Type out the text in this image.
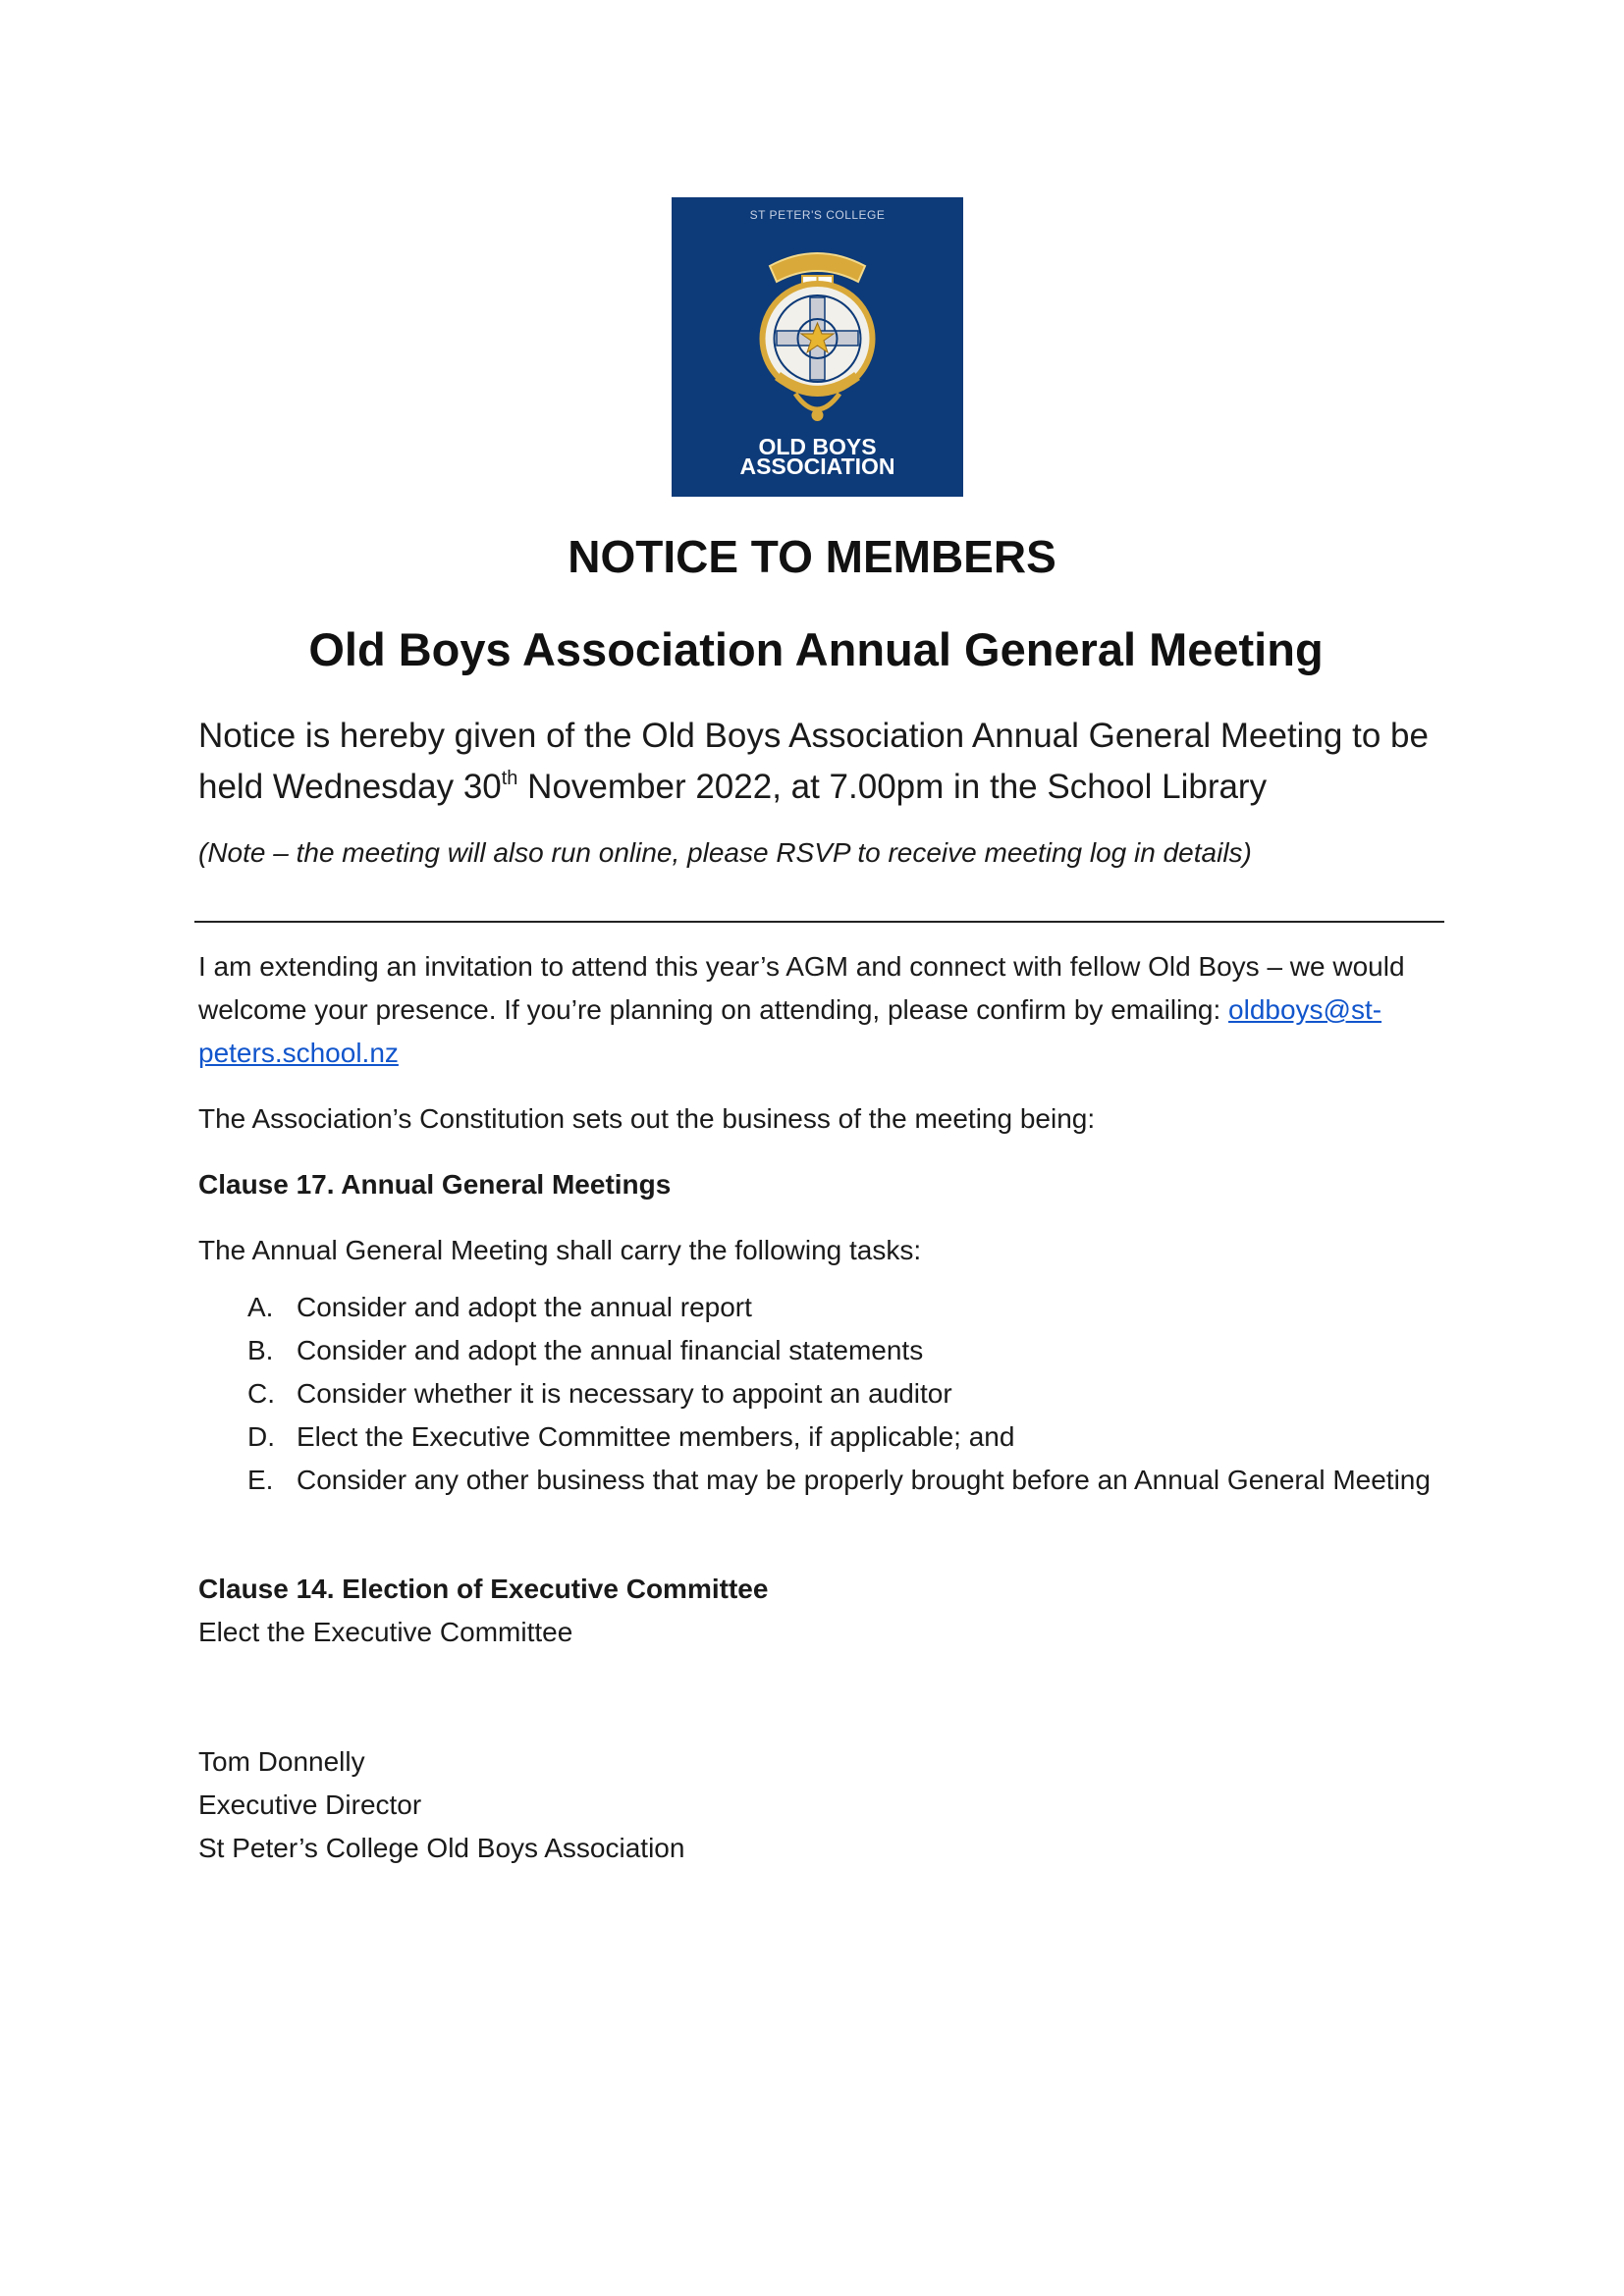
ST PETER'S COLLEGE
OLD BOYS
ASSOCIATION
NOTICE TO MEMBERS
Old Boys Association Annual General Meeting
Notice is hereby given of the Old Boys Association Annual General Meeting to be held Wednesday 30th November 2022, at 7.00pm in the School Library
(Note – the meeting will also run online, please RSVP to receive meeting log in details)
I am extending an invitation to attend this year’s AGM and connect with fellow Old Boys – we would welcome your presence. If you’re planning on attending, please confirm by emailing: oldboys@st-peters.school.nz
The Association’s Constitution sets out the business of the meeting being:
Clause 17. Annual General Meetings
The Annual General Meeting shall carry the following tasks:
A. Consider and adopt the annual report
B. Consider and adopt the annual financial statements
C. Consider whether it is necessary to appoint an auditor
D. Elect the Executive Committee members, if applicable; and
E. Consider any other business that may be properly brought before an Annual General Meeting
Clause 14. Election of Executive Committee
Elect the Executive Committee
Tom Donnelly
Executive Director
St Peter’s College Old Boys Association
